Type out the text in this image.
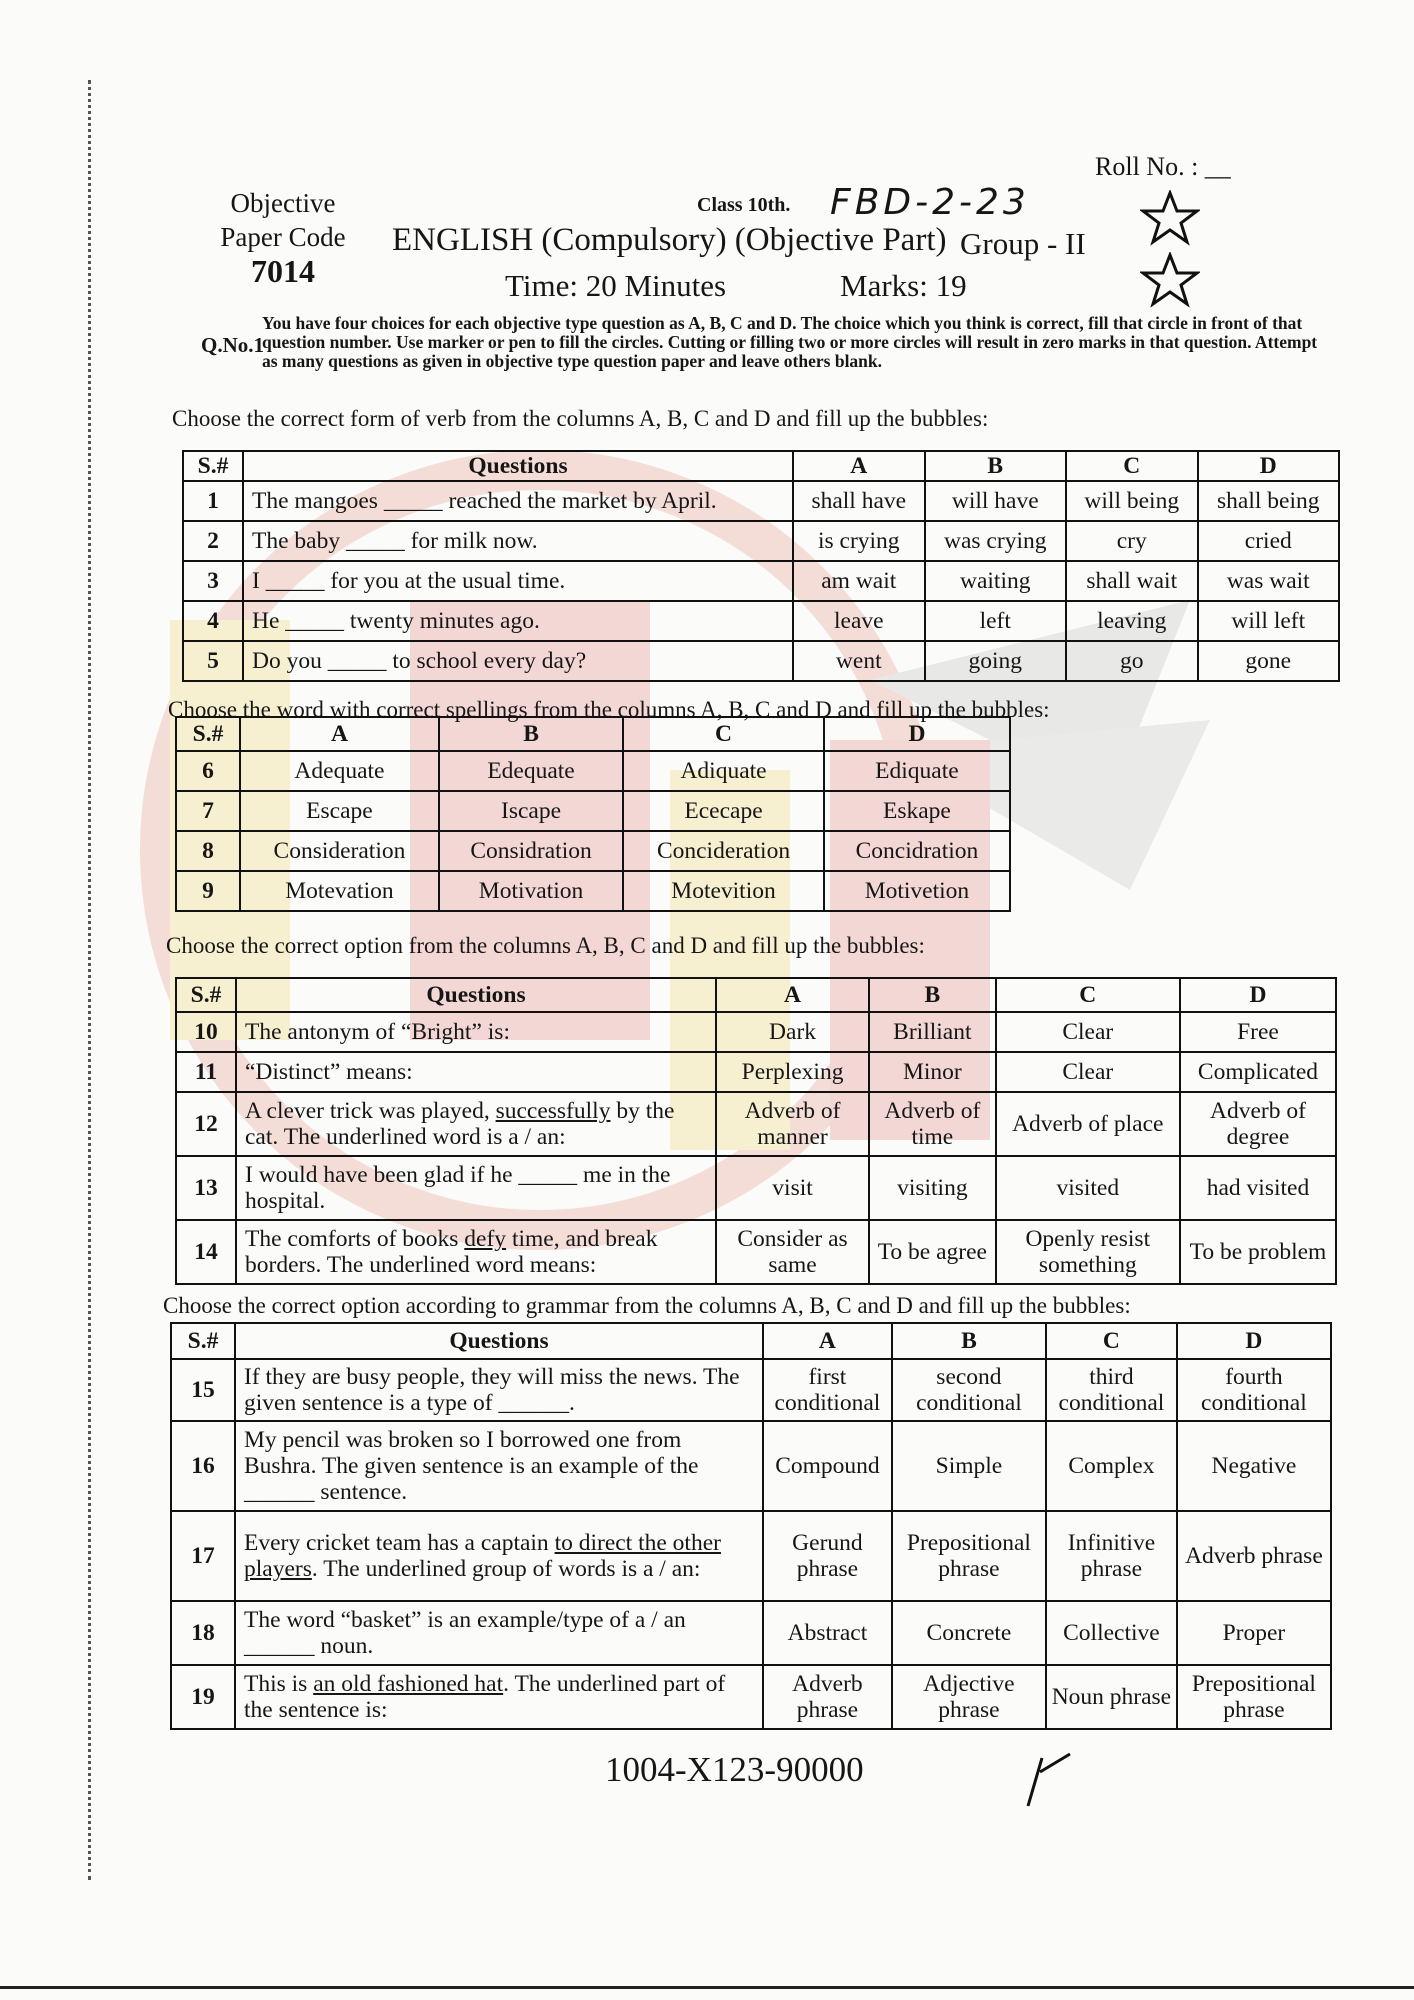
Objective
Paper Code
7014
Roll No. : __
Class 10th. FBD-2-23
ENGLISH (Compulsory) (Objective Part) Group - II
Time: 20 Minutes	Marks: 19
Q.No.1
You have four choices for each objective type question as A, B, C and D. The choice which you think is correct, fill that circle in front of that question number. Use marker or pen to fill the circles. Cutting or filling two or more circles will result in zero marks in that question. Attempt as many questions as given in objective type question paper and leave others blank.
Choose the correct form of verb from the columns A, B, C and D and fill up the bubbles:
S.#	Questions	A	B	C	D
1	The mangoes _____ reached the market by April.	shall have	will have	will being	shall being
2	The baby _____ for milk now.	is crying	was crying	cry	cried
3	I _____ for you at the usual time.	am wait	waiting	shall wait	was wait
4	He _____ twenty minutes ago.	leave	left	leaving	will left
5	Do you _____ to school every day?	went	going	go	gone
Choose the word with correct spellings from the columns A, B, C and D and fill up the bubbles:
S.#	A	B	C	D
6	Adequate	Edequate	Adiquate	Ediquate
7	Escape	Iscape	Ececape	Eskape
8	Consideration	Considration	Concideration	Concidration
9	Motevation	Motivation	Motevition	Motivetion
Choose the correct option from the columns A, B, C and D and fill up the bubbles:
S.#	Questions	A	B	C	D
10	The antonym of “Bright” is:	Dark	Brilliant	Clear	Free
11	“Distinct” means:	Perplexing	Minor	Clear	Complicated
12	A clever trick was played, successfully by the cat. The underlined word is a / an:	Adverb of manner	Adverb of time	Adverb of place	Adverb of degree
13	I would have been glad if he _____ me in the hospital.	visit	visiting	visited	had visited
14	The comforts of books defy time, and break borders. The underlined word means:	Consider as same	To be agree	Openly resist something	To be problem
Choose the correct option according to grammar from the columns A, B, C and D and fill up the bubbles:
S.#	Questions	A	B	C	D
15	If they are busy people, they will miss the news. The given sentence is a type of ______.	first conditional	second conditional	third conditional	fourth conditional
16	My pencil was broken so I borrowed one from Bushra. The given sentence is an example of the ______ sentence.	Compound	Simple	Complex	Negative
17	Every cricket team has a captain to direct the other players. The underlined group of words is a / an:	Gerund phrase	Prepositional phrase	Infinitive phrase	Adverb phrase
18	The word “basket” is an example/type of a / an ______ noun.	Abstract	Concrete	Collective	Proper
19	This is an old fashioned hat. The underlined part of the sentence is:	Adverb phrase	Adjective phrase	Noun phrase	Prepositional phrase
1004-X123-90000
